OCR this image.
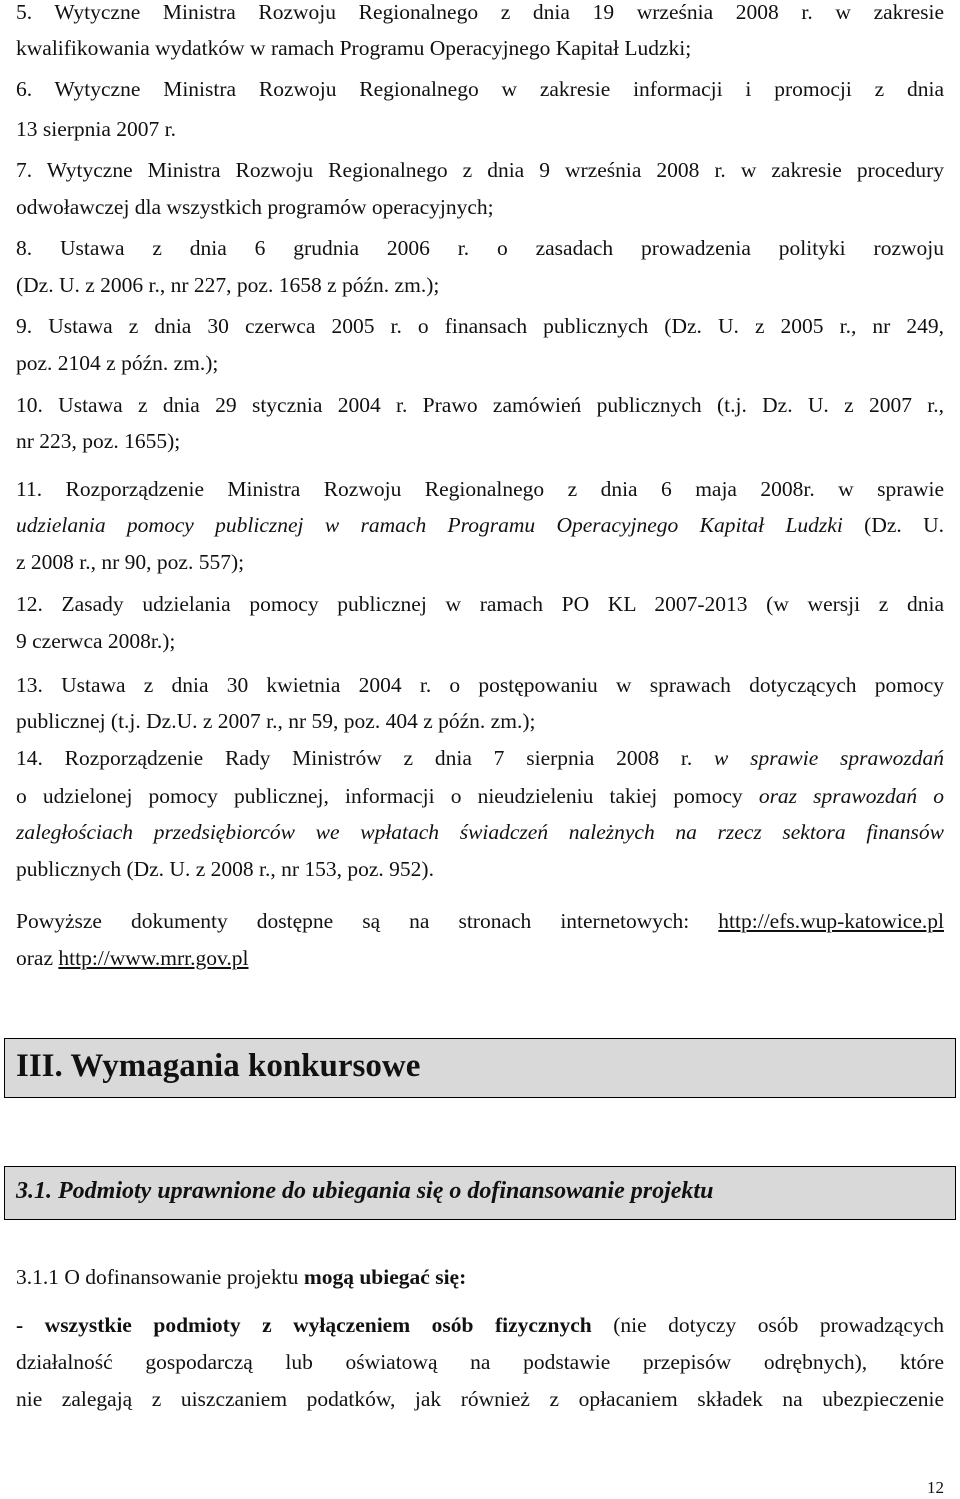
5. Wytyczne Ministra Rozwoju Regionalnego z dnia 19 września 2008 r. w zakresie
kwalifikowania wydatków w ramach Programu Operacyjnego Kapitał Ludzki;
6. Wytyczne Ministra Rozwoju Regionalnego w zakresie informacji i promocji z dnia
13 sierpnia 2007 r.
7. Wytyczne Ministra Rozwoju Regionalnego z dnia 9 września 2008 r. w zakresie procedury
odwoławczej dla wszystkich programów operacyjnych;
8. Ustawa z dnia 6 grudnia 2006 r. o zasadach prowadzenia polityki rozwoju
(Dz. U. z 2006 r., nr 227, poz. 1658 z późn. zm.);
9. Ustawa z dnia 30 czerwca 2005 r. o finansach publicznych (Dz. U. z 2005 r., nr 249,
poz. 2104 z późn. zm.);
10. Ustawa z dnia 29 stycznia 2004 r. Prawo zamówień publicznych (t.j. Dz. U. z 2007 r.,
nr 223, poz. 1655);
11. Rozporządzenie Ministra Rozwoju Regionalnego z dnia 6 maja 2008r. w sprawie
udzielania pomocy publicznej w ramach Programu Operacyjnego Kapitał Ludzki (Dz. U.
z 2008 r., nr 90, poz. 557);
12. Zasady udzielania pomocy publicznej w ramach PO KL 2007-2013 (w wersji z dnia
9 czerwca 2008r.);
13. Ustawa z dnia 30 kwietnia 2004 r. o postępowaniu w sprawach dotyczących pomocy
publicznej (t.j. Dz.U. z 2007 r., nr 59, poz. 404 z późn. zm.);
14. Rozporządzenie Rady Ministrów z dnia 7 sierpnia 2008 r. w sprawie sprawozdań
o udzielonej pomocy publicznej, informacji o nieudzieleniu takiej pomocy oraz sprawozdań o
zaległościach przedsiębiorców we wpłatach świadczeń należnych na rzecz sektora finansów
publicznych (Dz. U. z 2008 r., nr 153, poz. 952).
Powyższe dokumenty dostępne są na stronach internetowych: http://efs.wup-katowice.pl
oraz http://www.mrr.gov.pl
III. Wymagania konkursowe
3.1. Podmioty uprawnione do ubiegania się o dofinansowanie projektu
3.1.1 O dofinansowanie projektu mogą ubiegać się:
- wszystkie podmioty z wyłączeniem osób fizycznych (nie dotyczy osób prowadzących
działalność gospodarczą lub oświatową na podstawie przepisów odrębnych), które
nie zalegają z uiszczaniem podatków, jak również z opłacaniem składek na ubezpieczenie
12
